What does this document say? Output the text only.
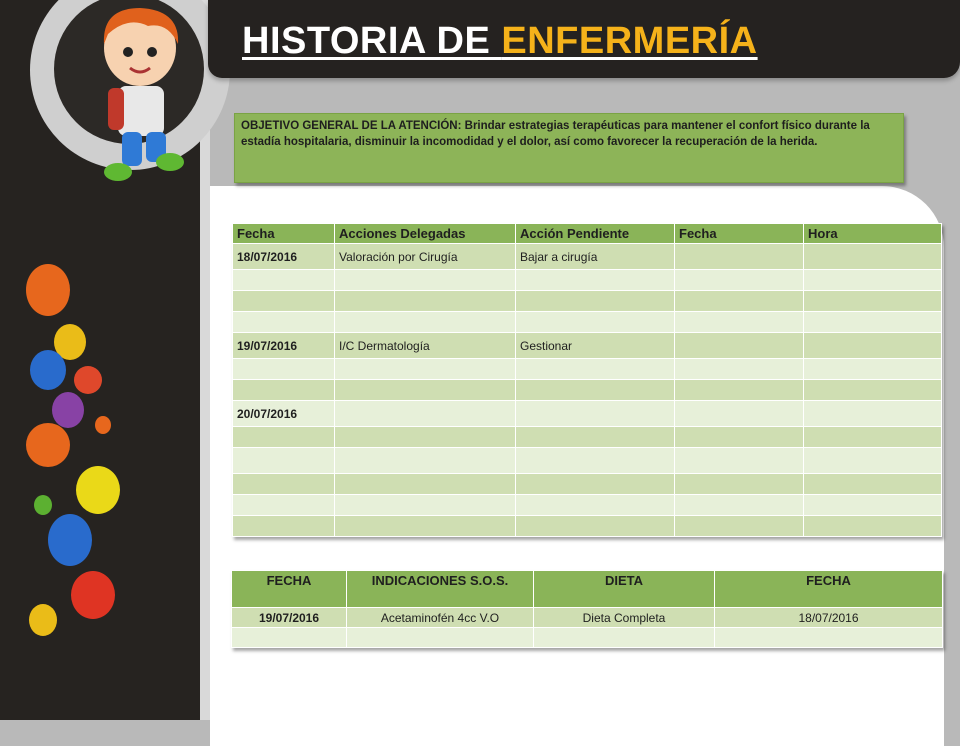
HISTORIA DE ENFERMERÍA
OBJETIVO GENERAL DE LA ATENCIÓN: Brindar estrategias terapéuticas para mantener el confort físico durante la estadía hospitalaria, disminuir la incomodidad y el dolor, así como favorecer la recuperación de la herida.
Fecha	Acciones Delegadas	Acción Pendiente	Fecha	Hora
18/07/2016	Valoración por Cirugía	Bajar a cirugía		

19/07/2016	I/C Dermatología	Gestionar		

20/07/2016				

FECHA	INDICACIONES S.O.S.	DIETA	FECHA
19/07/2016	Acetaminofén 4cc V.O	Dieta Completa	18/07/2016
